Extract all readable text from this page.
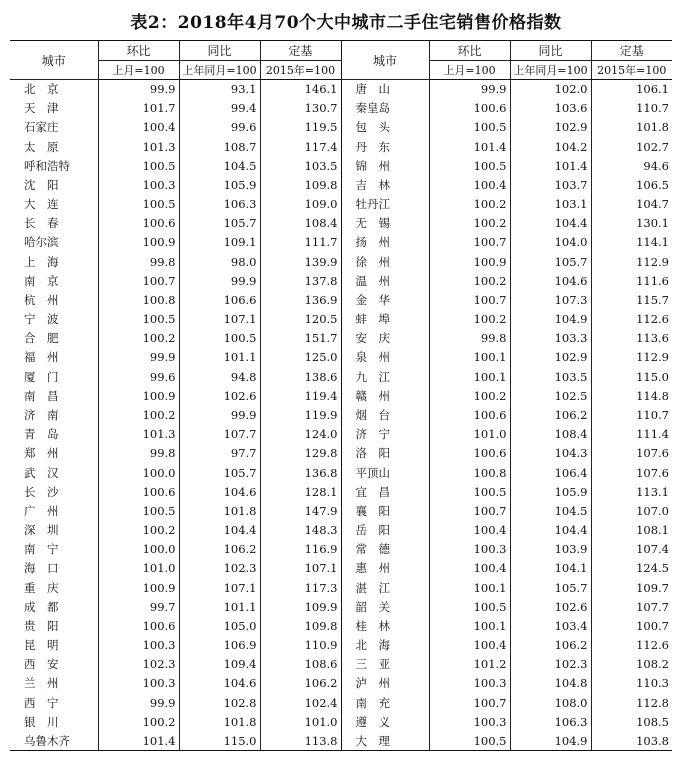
表2：2018年4月70个大中城市二手住宅销售价格指数
城市	环比	同比	定基	城市	环比	同比	定基
	上月=100	上年同月=100	2015年=100		上月=100	上年同月=100	2015年=100
北　京	99.9	93.1	146.1	唐　山	99.9	102.0	106.1
天　津	101.7	99.4	130.7	秦皇岛	100.6	103.6	110.7
石家庄	100.4	99.6	119.5	包　头	100.5	102.9	101.8
太　原	101.3	108.7	117.4	丹　东	101.4	104.2	102.7
呼和浩特	100.5	104.5	103.5	锦　州	100.5	101.4	94.6
沈　阳	100.3	105.9	109.8	吉　林	100.4	103.7	106.5
大　连	100.5	106.3	109.0	牡丹江	100.2	103.1	104.7
长　春	100.6	105.7	108.4	无　锡	100.2	104.4	130.1
哈尔滨	100.9	109.1	111.7	扬　州	100.7	104.0	114.1
上　海	99.8	98.0	139.9	徐　州	100.9	105.7	112.9
南　京	100.7	99.9	137.8	温　州	100.2	104.6	111.6
杭　州	100.8	106.6	136.9	金　华	100.7	107.3	115.7
宁　波	100.5	107.1	120.5	蚌　埠	100.2	104.9	112.6
合　肥	100.2	100.5	151.7	安　庆	99.8	103.3	113.6
福　州	99.9	101.1	125.0	泉　州	100.1	102.9	112.9
厦　门	99.6	94.8	138.6	九　江	100.1	103.5	115.0
南　昌	100.9	102.6	119.4	赣　州	100.2	102.5	114.8
济　南	100.2	99.9	119.9	烟　台	100.6	106.2	110.7
青　岛	101.3	107.7	124.0	济　宁	101.0	108.4	111.4
郑　州	99.8	97.7	129.8	洛　阳	100.6	104.3	107.6
武　汉	100.0	105.7	136.8	平顶山	100.8	106.4	107.6
长　沙	100.6	104.6	128.1	宜　昌	100.5	105.9	113.1
广　州	100.5	101.8	147.9	襄　阳	100.7	104.5	107.0
深　圳	100.2	104.4	148.3	岳　阳	100.4	104.4	108.1
南　宁	100.0	106.2	116.9	常　德	100.3	103.9	107.4
海　口	101.0	102.3	107.1	惠　州	100.4	104.1	124.5
重　庆	100.9	107.1	117.3	湛　江	100.1	105.7	109.7
成　都	99.7	101.1	109.9	韶　关	100.5	102.6	107.7
贵　阳	100.6	105.0	109.8	桂　林	100.1	103.4	100.7
昆　明	100.3	106.9	110.9	北　海	100.4	106.2	112.6
西　安	102.3	109.4	108.6	三　亚	101.2	102.3	108.2
兰　州	100.3	104.6	106.2	泸　州	100.3	104.8	110.3
西　宁	99.9	102.8	102.4	南　充	100.7	108.0	112.8
银　川	100.2	101.8	101.0	遵　义	100.3	106.3	108.5
乌鲁木齐	101.4	115.0	113.8	大　理	100.5	104.9	103.8
